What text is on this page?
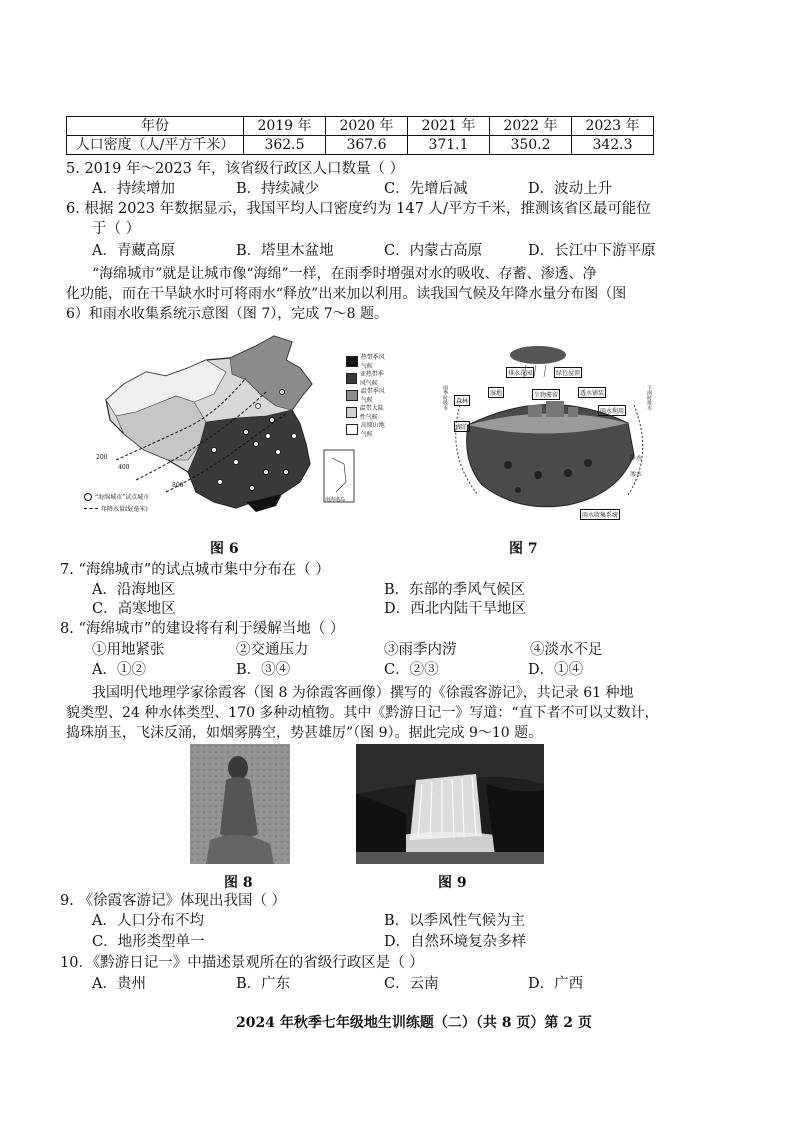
年份	2019 年	2020 年	2021 年	2022 年	2023 年
人口密度（人/平方千米）	362.5	367.6	371.1	350.2	342.3
5. 2019 年～2023 年，该省级行政区人口数量（ ）
A．持续增加	B．持续减少	C．先增后减	D．波动上升
6. 根据 2023 年数据显示，我国平均人口密度约为 147 人/平方千米，推测该省区最可能位
于（ ）
A．青藏高原	B．塔里木盆地	C．内蒙古高原	D．长江中下游平原
“海绵城市”就是让城市像“海绵”一样，在雨季时增强对水的吸收、存蓄、渗透、净
化功能，而在干旱缺水时可将雨水“释放”出来加以利用。读我国气候及年降水量分布图（图
6）和雨水收集系统示意图（图 7），完成 7～8 题。
200
400
800
南海诸岛
热带季风气候
亚热带季风气候
温带季风气候
温带大陆性气候
高原山地气候
“海绵城市”试点城市
年降水量线(毫米)
图 6
排水花园	绿色屋顶
森林
湿地	生物滞留
湖泊
透水铺装
雨水利用
雨水收集系统
净水
渗水
雨季时吸水	下雨时排水
图 7
7. “海绵城市”的试点城市集中分布在（ ）
A．沿海地区	B．东部的季风气候区
C．高寒地区	D．西北内陆干旱地区
8. “海绵城市”的建设将有利于缓解当地（ ）
①用地紧张	②交通压力	③雨季内涝	④淡水不足
A．①②	B．③④	C．②③	D．①④
我国明代地理学家徐霞客（图 8 为徐霞客画像）撰写的《徐霞客游记》，共记录 61 种地
貌类型、24 种水体类型、170 多种动植物。其中《黔游日记一》写道：“直下者不可以丈数计，
捣珠崩玉，飞沫反涌，如烟雾腾空，势甚雄厉”（图 9）。据此完成 9～10 题。
图 8	图 9
9. 《徐霞客游记》体现出我国（ ）
A．人口分布不均	B．以季风性气候为主
C．地形类型单一	D．自然环境复杂多样
10．《黔游日记一》中描述景观所在的省级行政区是（ ）
A．贵州	B．广东	C．云南	D．广西
2024 年秋季七年级地生训练题（二）（共 8 页）第 2 页
